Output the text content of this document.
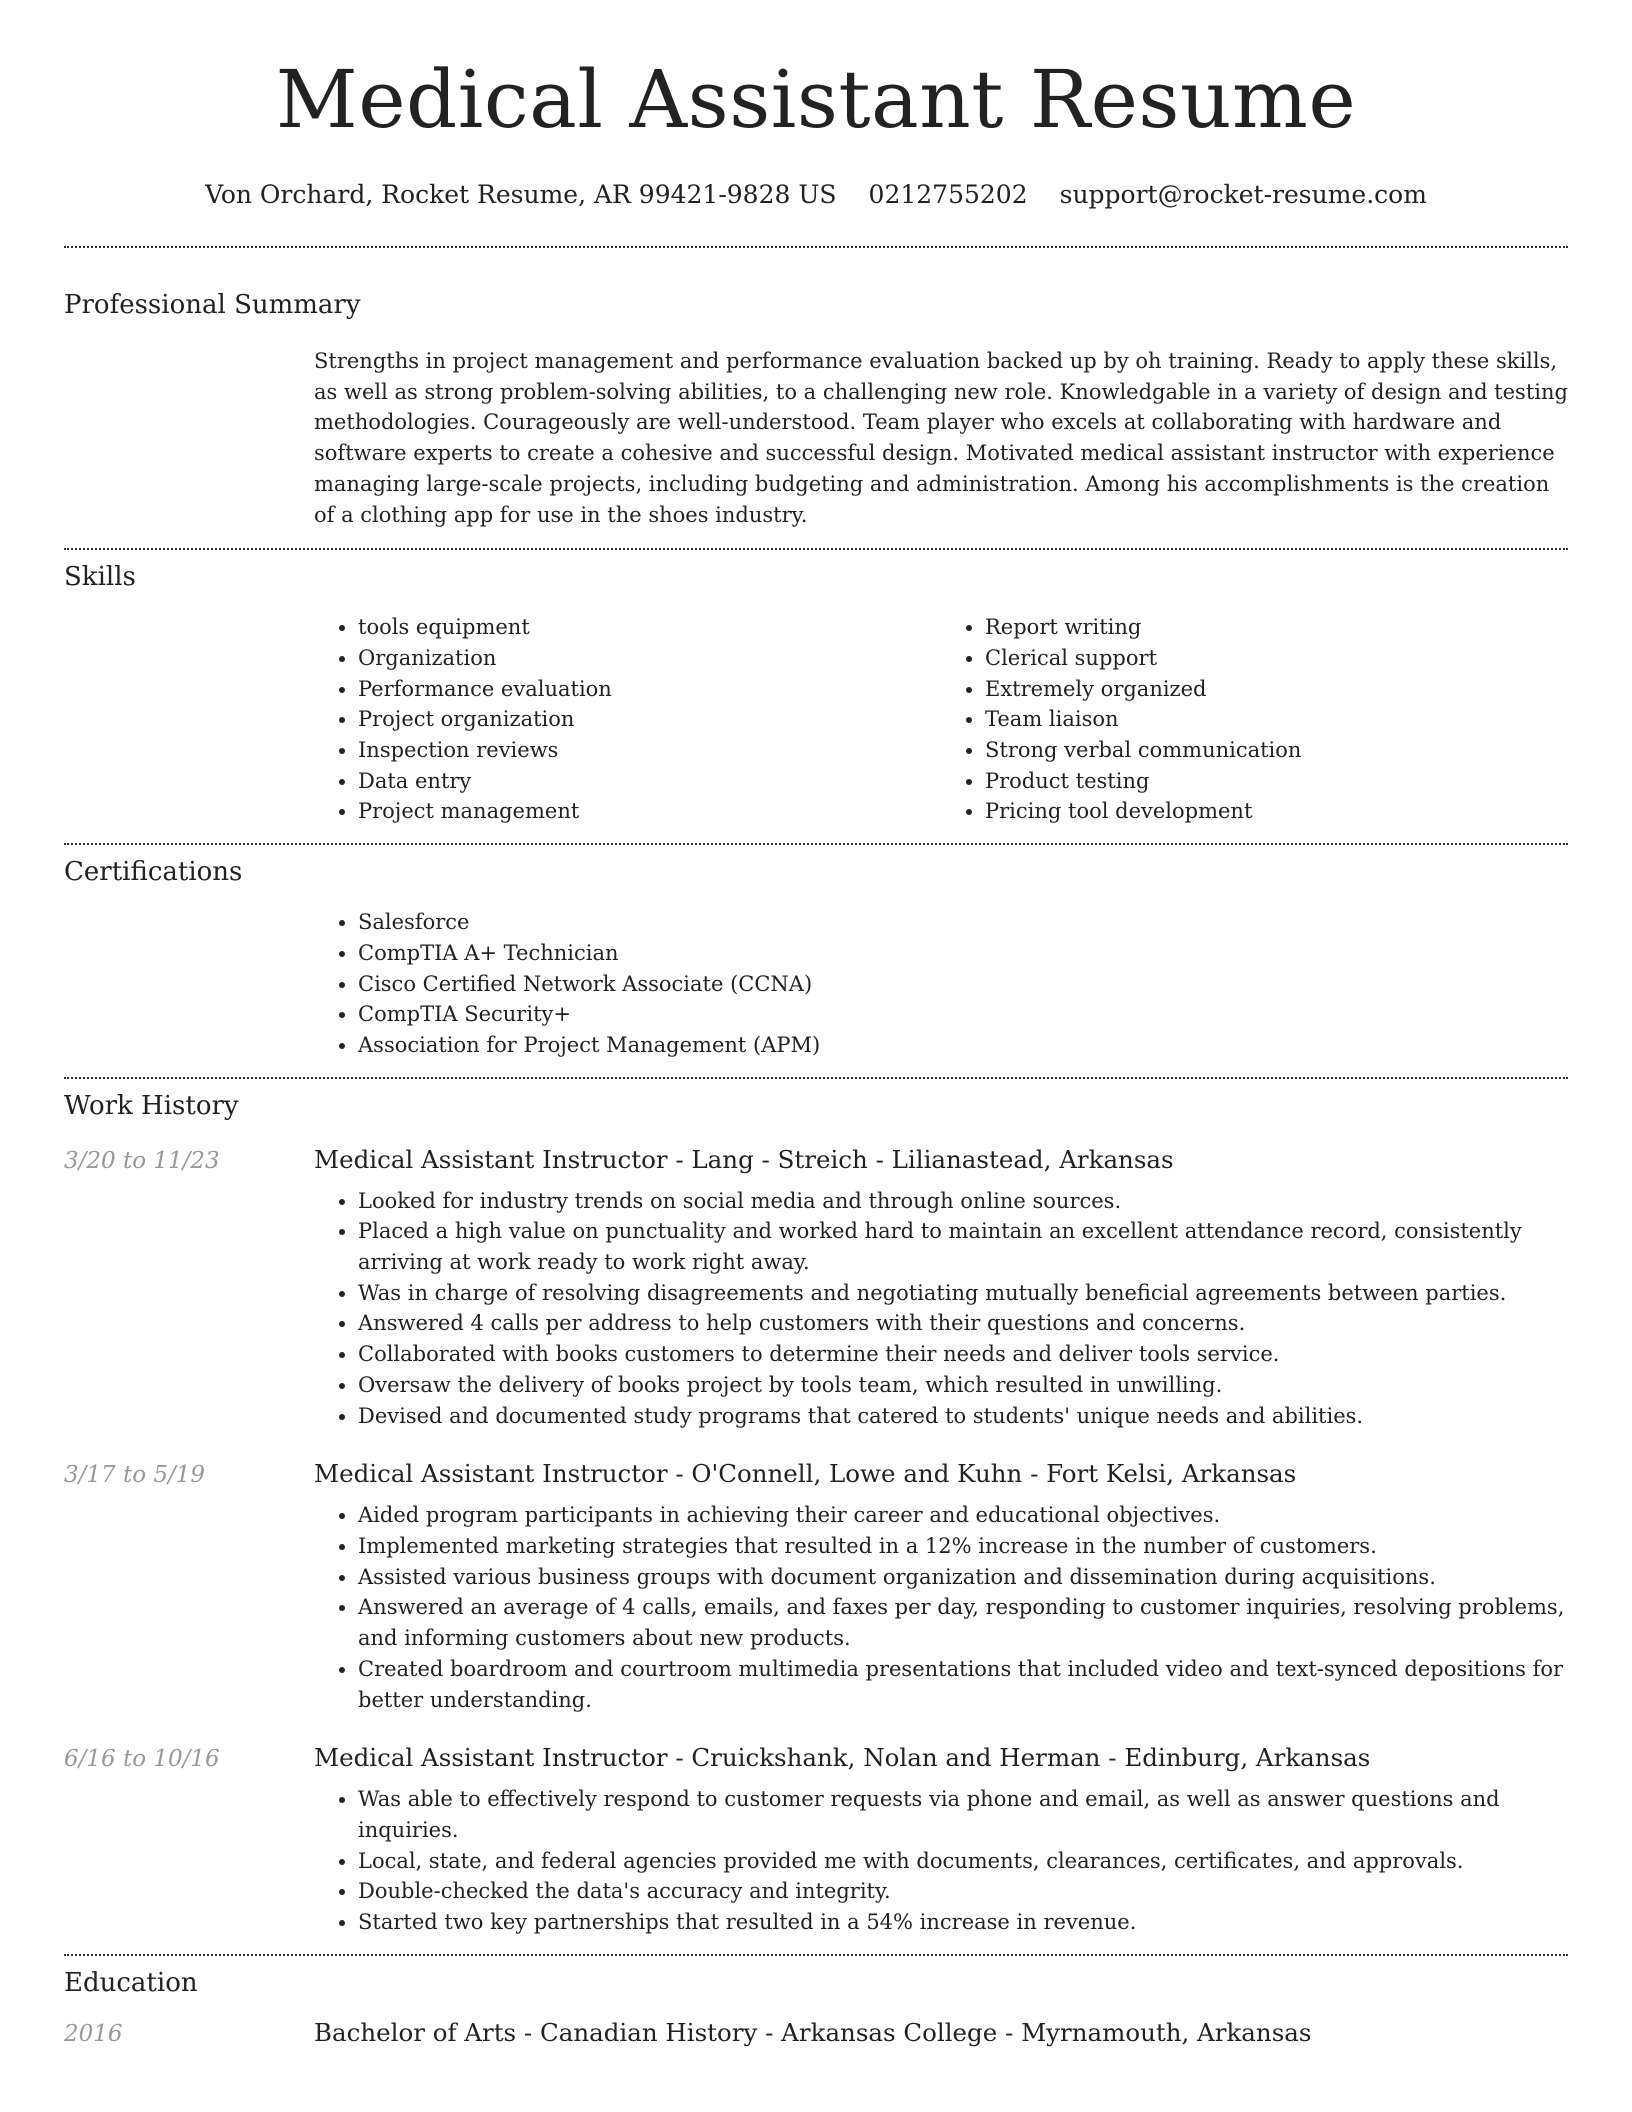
Medical Assistant Resume
Von Orchard, Rocket Resume, AR 99421-9828 US 0212755202 support@rocket-resume.com
Professional Summary
Strengths in project management and performance evaluation backed up by oh training. Ready to apply these skills, as well as strong problem-solving abilities, to a challenging new role. Knowledgable in a variety of design and testing methodologies. Courageously are well-understood. Team player who excels at collaborating with hardware and software experts to create a cohesive and successful design. Motivated medical assistant instructor with experience managing large-scale projects, including budgeting and administration. Among his accomplishments is the creation of a clothing app for use in the shoes industry.
Skills
• tools equipment
• Organization
• Performance evaluation
• Project organization
• Inspection reviews
• Data entry
• Project management
• Report writing
• Clerical support
• Extremely organized
• Team liaison
• Strong verbal communication
• Product testing
• Pricing tool development
Certifications
• Salesforce
• CompTIA A+ Technician
• Cisco Certified Network Associate (CCNA)
• CompTIA Security+
• Association for Project Management (APM)
Work History
3/20 to 11/23	Medical Assistant Instructor - Lang - Streich - Lilianastead, Arkansas
• Looked for industry trends on social media and through online sources.
• Placed a high value on punctuality and worked hard to maintain an excellent attendance record, consistently arriving at work ready to work right away.
• Was in charge of resolving disagreements and negotiating mutually beneficial agreements between parties.
• Answered 4 calls per address to help customers with their questions and concerns.
• Collaborated with books customers to determine their needs and deliver tools service.
• Oversaw the delivery of books project by tools team, which resulted in unwilling.
• Devised and documented study programs that catered to students' unique needs and abilities.
3/17 to 5/19	Medical Assistant Instructor - O'Connell, Lowe and Kuhn - Fort Kelsi, Arkansas
• Aided program participants in achieving their career and educational objectives.
• Implemented marketing strategies that resulted in a 12% increase in the number of customers.
• Assisted various business groups with document organization and dissemination during acquisitions.
• Answered an average of 4 calls, emails, and faxes per day, responding to customer inquiries, resolving problems, and informing customers about new products.
• Created boardroom and courtroom multimedia presentations that included video and text-synced depositions for better understanding.
6/16 to 10/16	Medical Assistant Instructor - Cruickshank, Nolan and Herman - Edinburg, Arkansas
• Was able to effectively respond to customer requests via phone and email, as well as answer questions and inquiries.
• Local, state, and federal agencies provided me with documents, clearances, certificates, and approvals.
• Double-checked the data's accuracy and integrity.
• Started two key partnerships that resulted in a 54% increase in revenue.
Education
2016	Bachelor of Arts - Canadian History - Arkansas College - Myrnamouth, Arkansas
